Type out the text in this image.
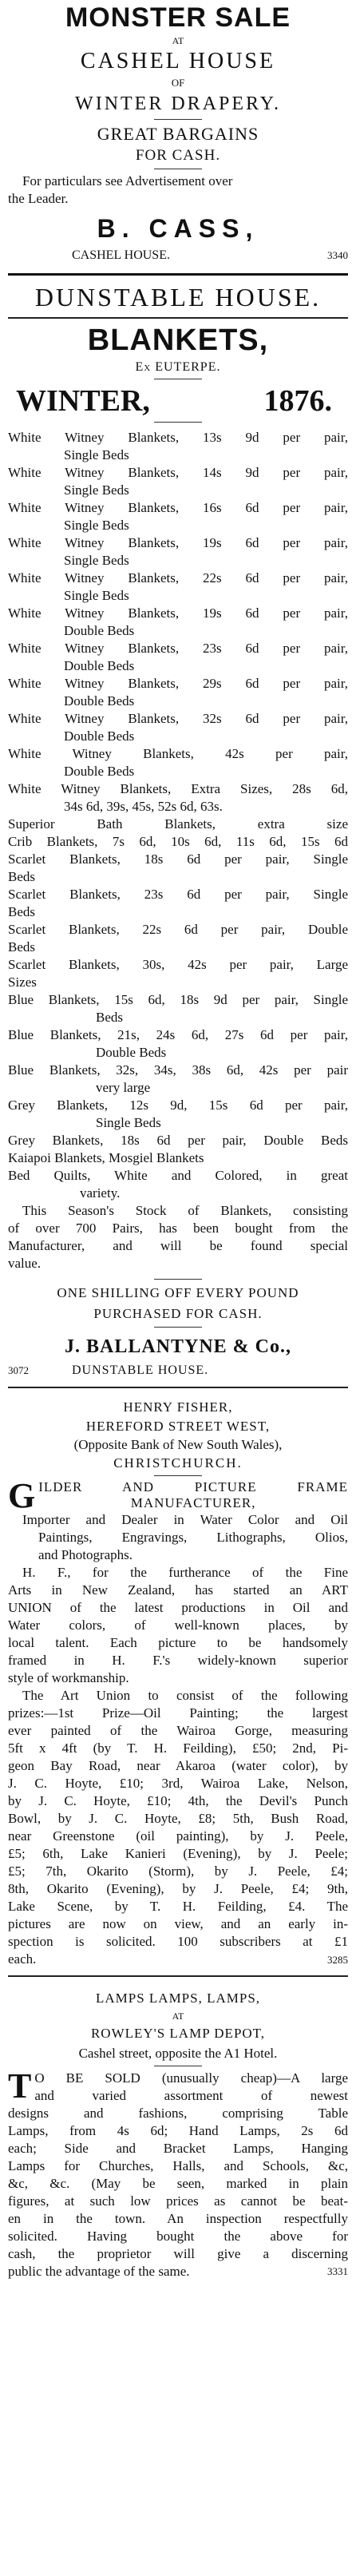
MONSTER SALE
AT
CASHEL HOUSE
OF
WINTER DRAPERY.
GREAT BARGAINS
FOR CASH.
For particulars see Advertisement over
the Leader.
B. CASS,
CASHEL HOUSE.	3340
DUNSTABLE HOUSE.
BLANKETS,
Ex EUTERPE.
WINTER,	1876.
White Witney Blankets, 13s 9d per pair,
Single Beds
White Witney Blankets, 14s 9d per pair,
Single Beds
White Witney Blankets, 16s 6d per pair,
Single Beds
White Witney Blankets, 19s 6d per pair,
Single Beds
White Witney Blankets, 22s 6d per pair,
Single Beds
White Witney Blankets, 19s 6d per pair,
Double Beds
White Witney Blankets, 23s 6d per pair,
Double Beds
White Witney Blankets, 29s 6d per pair,
Double Beds
White Witney Blankets, 32s 6d per pair,
Double Beds
White Witney Blankets, 42s per pair,
Double Beds
White Witney Blankets, Extra Sizes, 28s 6d,
34s 6d, 39s, 45s, 52s 6d, 63s.
Superior Bath Blankets, extra size
Crib Blankets, 7s 6d, 10s 6d, 11s 6d, 15s 6d
Scarlet Blankets, 18s 6d per pair, Single
Beds
Scarlet Blankets, 23s 6d per pair, Single
Beds
Scarlet Blankets, 22s 6d per pair, Double
Beds
Scarlet Blankets, 30s, 42s per pair, Large
Sizes
Blue Blankets, 15s 6d, 18s 9d per pair, Single
Beds
Blue Blankets, 21s, 24s 6d, 27s 6d per pair,
Double Beds
Blue Blankets, 32s, 34s, 38s 6d, 42s per pair
very large
Grey Blankets, 12s 9d, 15s 6d per pair,
Single Beds
Grey Blankets, 18s 6d per pair, Double Beds
Kaiapoi Blankets, Mosgiel Blankets
Bed Quilts, White and Colored, in great
variety.
This Season's Stock of Blankets, consisting
of over 700 Pairs, has been bought from the
Manufacturer, and will be found special
value.
ONE SHILLING OFF EVERY POUND
PURCHASED FOR CASH.
J. BALLANTYNE & Co.,
3072	DUNSTABLE HOUSE.
HENRY FISHER,
HEREFORD STREET WEST,
(Opposite Bank of New South Wales),
CHRISTCHURCH.
G ILDER AND PICTURE FRAME
MANUFACTURER,
Importer and Dealer in Water Color and Oil
Paintings, Engravings, Lithographs, Olios,
and Photographs.
H. F., for the furtherance of the Fine
Arts in New Zealand, has started an ART
UNION of the latest productions in Oil and
Water colors, of well-known places, by
local talent. Each picture to be handsomely
framed in H. F.'s widely-known superior
style of workmanship.
The Art Union to consist of the following
prizes:—1st Prize—Oil Painting; the largest
ever painted of the Wairoa Gorge, measuring
5ft x 4ft (by T. H. Feilding), £50; 2nd, Pi-
geon Bay Road, near Akaroa (water color), by
J. C. Hoyte, £10; 3rd, Wairoa Lake, Nelson,
by J. C. Hoyte, £10; 4th, the Devil's Punch
Bowl, by J. C. Hoyte, £8; 5th, Bush Road,
near Greenstone (oil painting), by J. Peele,
£5; 6th, Lake Kanieri (Evening), by J. Peele;
£5; 7th, Okarito (Storm), by J. Peele, £4;
8th, Okarito (Evening), by J. Peele, £4; 9th,
Lake Scene, by T. H. Feilding, £4. The
pictures are now on view, and an early in-
spection is solicited. 100 subscribers at £1
each.	3285
LAMPS LAMPS, LAMPS,
AT
ROWLEY'S LAMP DEPOT,
Cashel street, opposite the A1 Hotel.
T O BE SOLD (unusually cheap)—A large
and varied assortment of newest
designs and fashions, comprising Table
Lamps, from 4s 6d; Hand Lamps, 2s 6d
each; Side and Bracket Lamps, Hanging
Lamps for Churches, Halls, and Schools, &c,
&c, &c. (May be seen, marked in plain
figures, at such low prices as cannot be beat-
en in the town. An inspection respectfully
solicited. Having bought the above for
cash, the proprietor will give a discerning
public the advantage of the same.	3331
